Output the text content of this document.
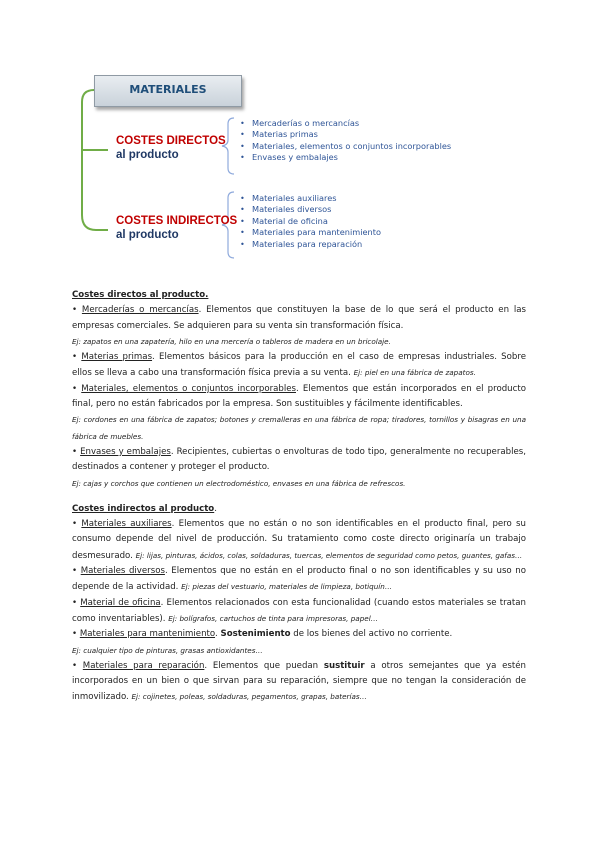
MATERIALES
COSTES DIRECTOS
al producto
• Mercaderías o mercancías
• Materias primas
• Materiales, elementos o conjuntos incorporables
• Envases y embalajes
COSTES INDIRECTOS
al producto
• Materiales auxiliares
• Materiales diversos
• Material de oficina
• Materiales para mantenimiento
• Materiales para reparación

Costes directos al producto.

• Mercaderías o mercancías. Elementos que constituyen la base de lo que será el producto en las empresas comerciales. Se adquieren para su venta sin transformación física.

Ej: zapatos en una zapatería, hilo en una mercería o tableros de madera en un bricolaje.

• Materias primas. Elementos básicos para la producción en el caso de empresas industriales. Sobre ellos se lleva a cabo una transformación física previa a su venta. Ej: piel en una fábrica de zapatos.

• Materiales, elementos o conjuntos incorporables. Elementos que están incorporados en el producto final, pero no están fabricados por la empresa. Son sustituibles y fácilmente identificables.

Ej: cordones en una fábrica de zapatos; botones y cremalleras en una fábrica de ropa; tiradores, tornillos y bisagras en una fábrica de muebles.

• Envases y embalajes. Recipientes, cubiertas o envolturas de todo tipo, generalmente no recuperables, destinados a contener y proteger el producto.

Ej: cajas y corchos que contienen un electrodoméstico, envases en una fábrica de refrescos.

Costes indirectos al producto.

• Materiales auxiliares. Elementos que no están o no son identificables en el producto final, pero su consumo depende del nivel de producción. Su tratamiento como coste directo originaría un trabajo desmesurado. Ej: lijas, pinturas, ácidos, colas, soldaduras, tuercas, elementos de seguridad como petos, guantes, gafas…

• Materiales diversos. Elementos que no están en el producto final o no son identificables y su uso no depende de la actividad. Ej: piezas del vestuario, materiales de limpieza, botiquín…

• Material de oficina. Elementos relacionados con esta funcionalidad (cuando estos materiales se tratan como inventariables). Ej: bolígrafos, cartuchos de tinta para impresoras, papel…

• Materiales para mantenimiento. Sostenimiento de los bienes del activo no corriente.

Ej: cualquier tipo de pinturas, grasas antioxidantes…

• Materiales para reparación. Elementos que puedan sustituir a otros semejantes que ya estén incorporados en un bien o que sirvan para su reparación, siempre que no tengan la consideración de inmovilizado. Ej: cojinetes, poleas, soldaduras, pegamentos, grapas, baterías…
